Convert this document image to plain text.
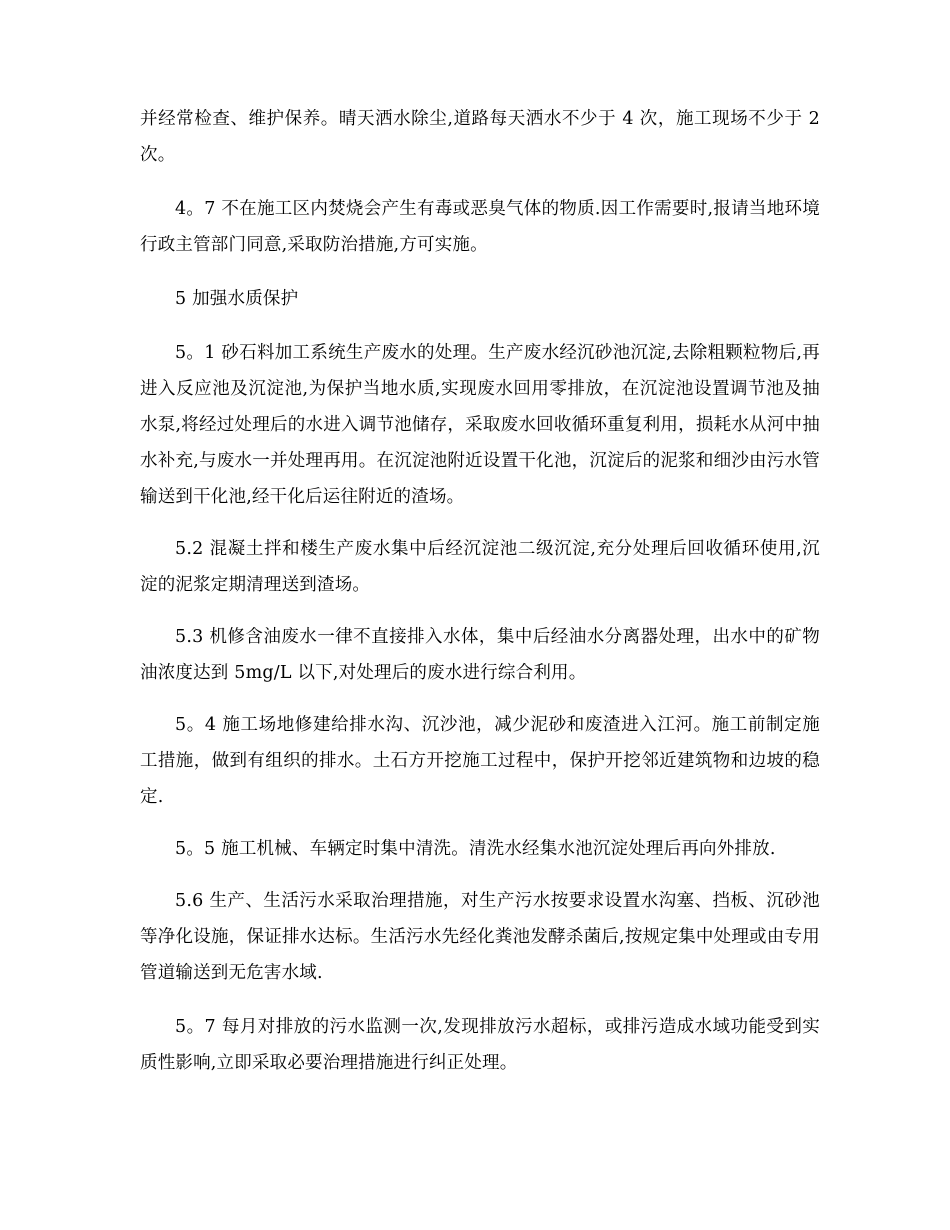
并经常检查、维护保养。晴天洒水除尘,道路每天洒水不少于 4 次，施工现场不少于 2 次。

4。7 不在施工区内焚烧会产生有毒或恶臭气体的物质.因工作需要时,报请当地环境行政主管部门同意,采取防治措施,方可实施。

5 加强水质保护

5。1 砂石料加工系统生产废水的处理。生产废水经沉砂池沉淀,去除粗颗粒物后,再进入反应池及沉淀池,为保护当地水质,实现废水回用零排放，在沉淀池设置调节池及抽水泵,将经过处理后的水进入调节池储存，采取废水回收循环重复利用，损耗水从河中抽水补充,与废水一并处理再用。在沉淀池附近设置干化池，沉淀后的泥浆和细沙由污水管输送到干化池,经干化后运往附近的渣场。

5.2 混凝土拌和楼生产废水集中后经沉淀池二级沉淀,充分处理后回收循环使用,沉淀的泥浆定期清理送到渣场。

5.3 机修含油废水一律不直接排入水体，集中后经油水分离器处理，出水中的矿物油浓度达到 5mg/L 以下,对处理后的废水进行综合利用。

5。4 施工场地修建给排水沟、沉沙池，减少泥砂和废渣进入江河。施工前制定施工措施，做到有组织的排水。土石方开挖施工过程中，保护开挖邻近建筑物和边坡的稳定.

5。5 施工机械、车辆定时集中清洗。清洗水经集水池沉淀处理后再向外排放.

5.6 生产、生活污水采取治理措施，对生产污水按要求设置水沟塞、挡板、沉砂池等净化设施，保证排水达标。生活污水先经化粪池发酵杀菌后,按规定集中处理或由专用管道输送到无危害水域.

5。7 每月对排放的污水监测一次,发现排放污水超标，或排污造成水域功能受到实质性影响,立即采取必要治理措施进行纠正处理。
